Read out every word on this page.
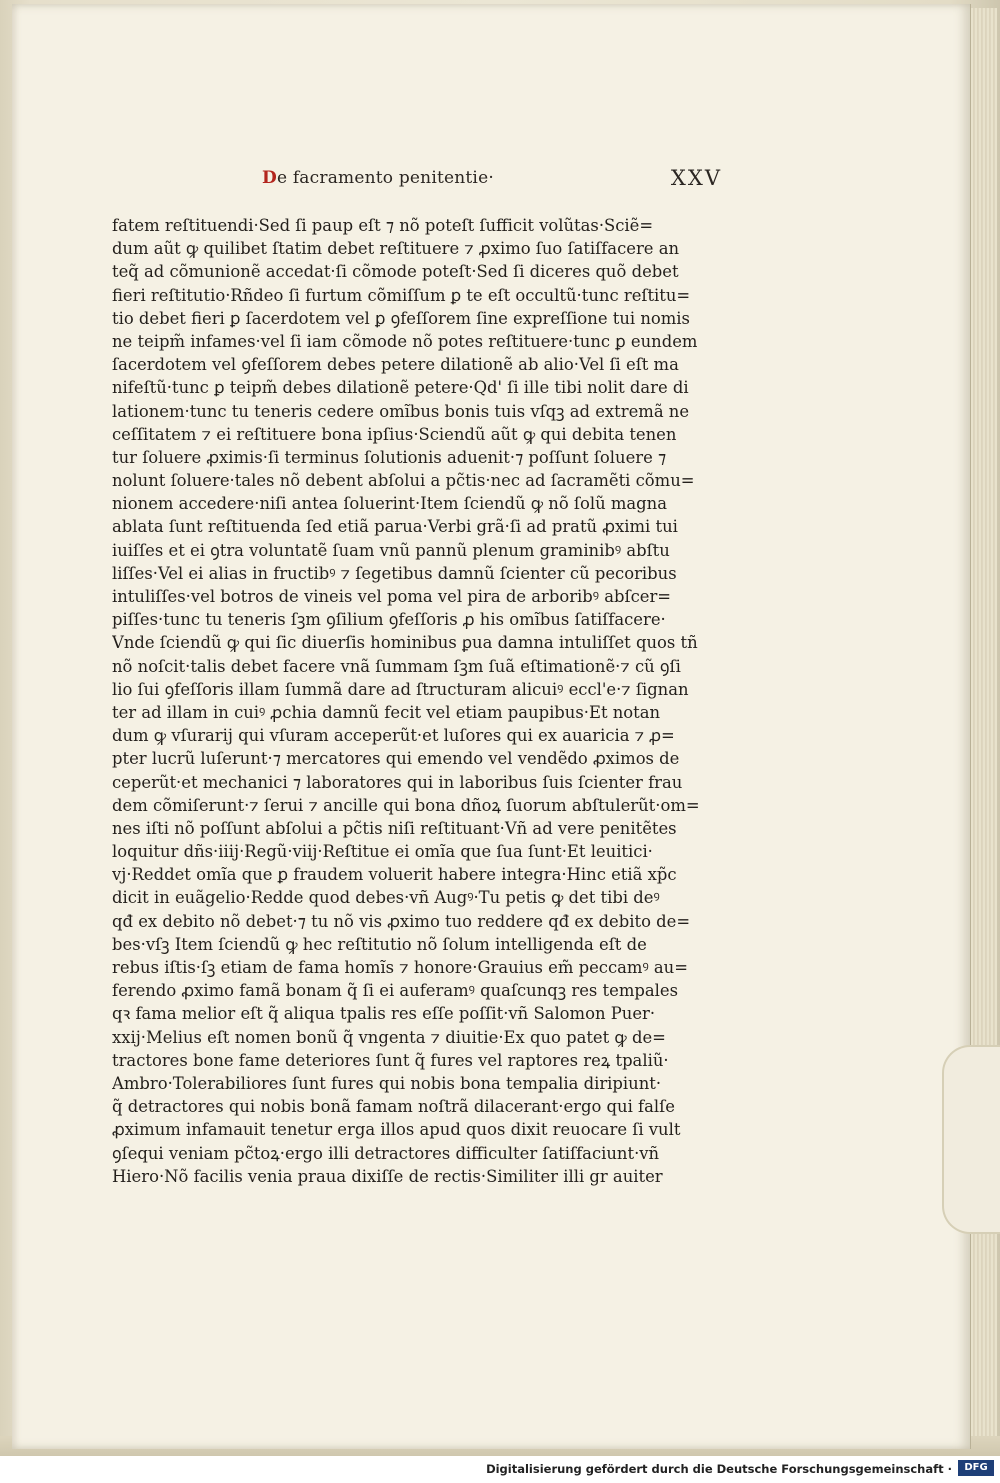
De facramento penitentie·	XXV
fatem reſtituendi·Sed ſi paup eſt ⁊ nõ poteſt ſufficit volũtas·Sciẽ=
dum aũt ꝙ quilibet ſtatim debet reſtituere ⁊ ꝓximo ſuo ſatiſfacere an
teq̃ ad cõmunionẽ accedat·ſi cõmode poteſt·Sed ſi diceres quõ debet
fieri reſtitutio·Rñdeo ſi furtum cõmiſſum ꝑ te eſt occultũ·tunc reſtitu=
tio debet fieri ꝑ ſacerdotem vel ꝑ ꝯfeſſorem ſine expreſſione tui nomis
ne teipm̃ infames·vel ſi iam cõmode nõ potes reſtituere·tunc ꝑ eundem
ſacerdotem vel ꝯfeſſorem debes petere dilationẽ ab alio·Vel ſi eſt ma
nifeſtũ·tunc ꝑ teipm̃ debes dilationẽ petere·Qd' ſi ille tibi nolit dare di
lationem·tunc tu teneris cedere omĩbus bonis tuis vſqꝫ ad extremã ne
ceſſitatem ⁊ ei reſtituere bona ipſius·Sciendũ aũt ꝙ qui debita tenen
tur ſoluere ꝓximis·ſi terminus ſolutionis aduenit·⁊ poſſunt ſoluere ⁊
nolunt ſoluere·tales nõ debent abſolui a pc̃tis·nec ad ſacramẽti cõmu=
nionem accedere·niſi antea ſoluerint·Item ſciendũ ꝙ nõ ſolũ magna
ablata ſunt reſtituenda ſed etiã parua·Verbi grã·ſi ad pratũ ꝓximi tui
iuiſſes et ei ꝯtra voluntatẽ ſuam vnũ pannũ plenum graminibꝰ abſtu
liſſes·Vel ei alias in fructibꝰ ⁊ ſegetibus damnũ ſcienter cũ pecoribus
intuliſſes·vel botros de vineis vel poma vel pira de arboribꝰ abſcer=
piſſes·tunc tu teneris ſꝫm ꝯſilium ꝯfeſſoris ꝓ his omĩbus ſatiſfacere·
Vnde ſciendũ ꝙ qui ſic diuerſis hominibus ꝑua damna intuliſſet quos tñ
nõ noſcit·talis debet facere vnã ſummam ſꝫm ſuã eſtimationẽ·⁊ cũ ꝯſi
lio ſui ꝯfeſſoris illam ſummã dare ad ſtructuram alicuiꝰ eccl'e·⁊ ſignan
ter ad illam in cuiꝰ ꝓchia damnũ fecit vel etiam paupibus·Et notan
dum ꝙ vſurarij qui vſuram acceperũt·et luſores qui ex auaricia ⁊ ꝓ=
pter lucrũ luſerunt·⁊ mercatores qui emendo vel vendẽdo ꝓximos de
ceperũt·et mechanici ⁊ laboratores qui in laboribus ſuis ſcienter frau
dem cõmiſerunt·⁊ ſerui ⁊ ancille qui bona dñoꝝ ſuorum abſtulerũt·om=
nes iſti nõ poſſunt abſolui a pc̃tis niſi reſtituant·Vñ ad vere penitẽtes
loquitur dñs·iiij·Regũ·viij·Reſtitue ei omĩa que ſua ſunt·Et leuitici·
vj·Reddet omĩa que ꝑ fraudem voluerit habere integra·Hinc etiã xp̃c
dicit in euãgelio·Redde quod debes·vñ Augꝰ·Tu petis ꝙ det tibi deꝰ
qđ ex debito nõ debet·⁊ tu nõ vis ꝓximo tuo reddere qđ ex debito de=
bes·vſꝫ Item ſciendũ ꝙ hec reſtitutio nõ ſolum intelligenda eſt de
rebus iſtis·ſꝫ etiam de fama homĩs ⁊ honore·Grauius em̃ peccamꝰ au=
ferendo ꝓximo famã bonam q̃ ſi ei auferamꝰ quaſcunqꝫ res tempales
qꝛ fama melior eſt q̃ aliqua tpalis res eſſe poſſit·vñ Salomon Puer·
xxij·Melius eſt nomen bonũ q̃ vngenta ⁊ diuitie·Ex quo patet ꝙ de=
tractores bone fame deteriores ſunt q̃ fures vel raptores reꝝ tpaliũ·
Ambro·Tolerabiliores ſunt fures qui nobis bona tempalia diripiunt·
q̃ detractores qui nobis bonã famam noſtrã dilacerant·ergo qui falſe
ꝓximum infamauit tenetur erga illos apud quos dixit reuocare ſi vult
ꝯſequi veniam pc̃toꝝ·ergo illi detractores difficulter ſatiſfaciunt·vñ
Hiero·Nõ facilis venia praua dixiſſe de rectis·Similiter illi gr auiter
Digitalisierung gefördert durch die Deutsche Forschungsgemeinschaft ·	DFG
